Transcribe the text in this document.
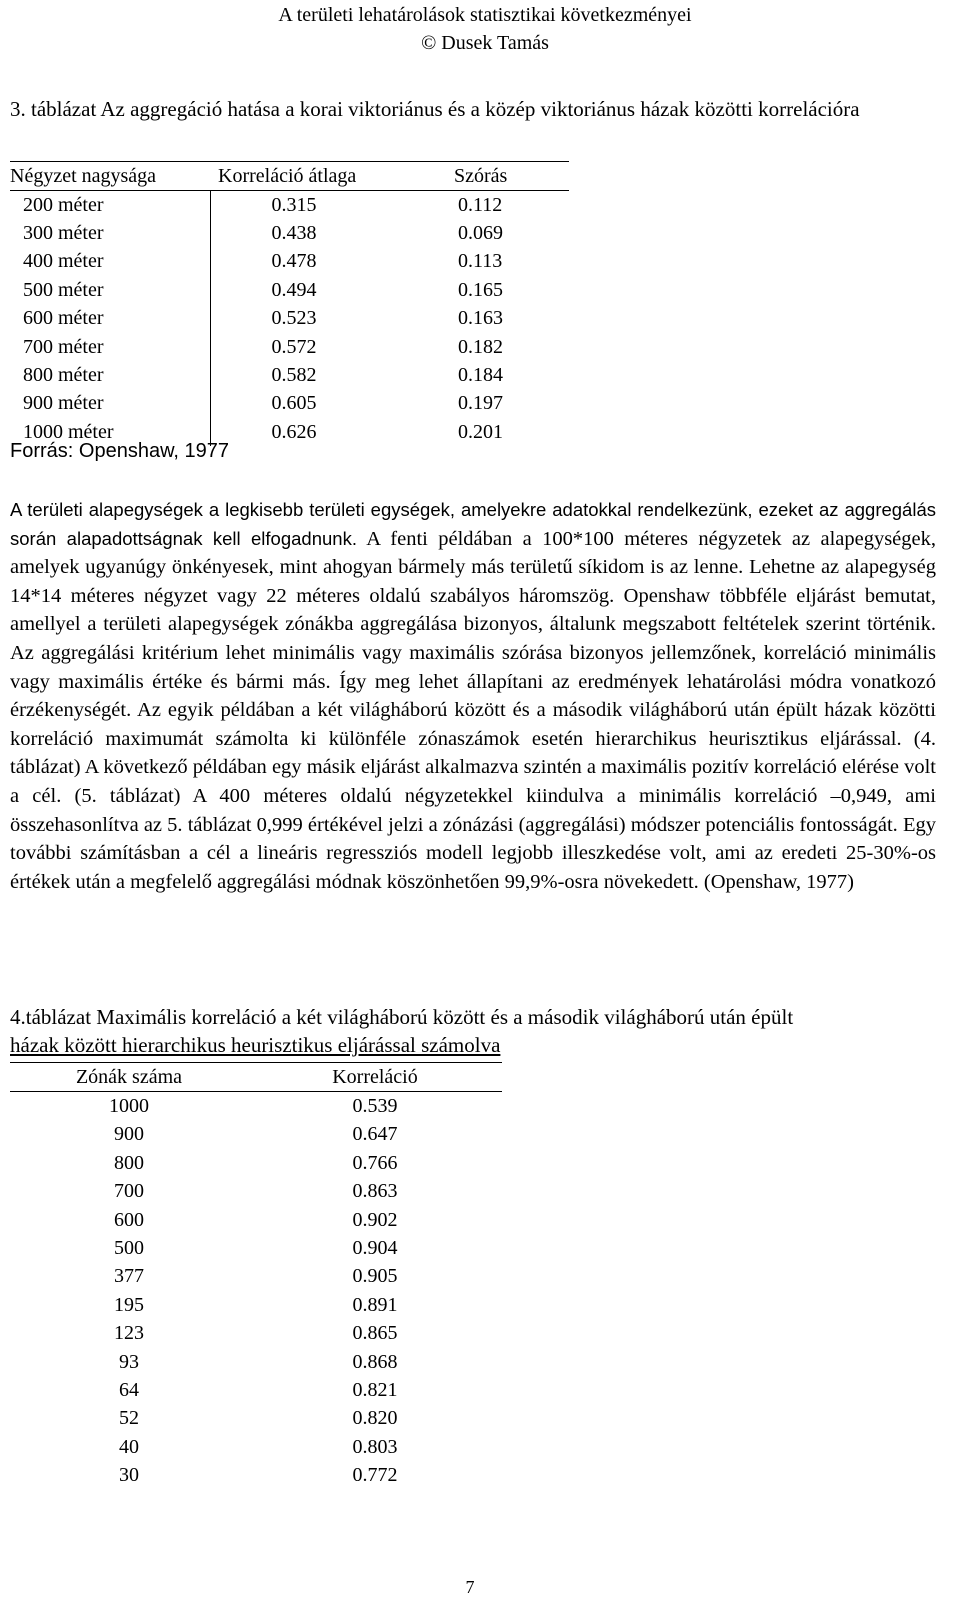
A területi lehatárolások statisztikai következményei
© Dusek Tamás
3. táblázat Az aggregáció hatása a korai viktoriánus és a közép viktoriánus házak közötti korrelációra
Négyzet nagysága	Korreláció átlaga	Szórás
200 méter	0.315	0.112
300 méter	0.438	0.069
400 méter	0.478	0.113
500 méter	0.494	0.165
600 méter	0.523	0.163
700 méter	0.572	0.182
800 méter	0.582	0.184
900 méter	0.605	0.197
1000 méter	0.626	0.201
Forrás: Openshaw, 1977
A területi alapegységek a legkisebb területi egységek, amelyekre adatokkal rendelkezünk, ezeket az aggregálás során alapadottságnak kell elfogadnunk. A fenti példában a 100*100 méteres négyzetek az alapegységek, amelyek ugyanúgy önkényesek, mint ahogyan bármely más területű síkidom is az lenne. Lehetne az alapegység 14*14 méteres négyzet vagy 22 méteres oldalú szabályos háromszög. Openshaw többféle eljárást bemutat, amellyel a területi alapegységek zónákba aggregálása bizonyos, általunk megszabott feltételek szerint történik. Az aggregálási kritérium lehet minimális vagy maximális szórása bizonyos jellemzőnek, korreláció minimális vagy maximális értéke és bármi más. Így meg lehet állapítani az eredmények lehatárolási módra vonatkozó érzékenységét. Az egyik példában a két világháború között és a második világháború után épült házak közötti korreláció maximumát számolta ki különféle zónaszámok esetén hierarchikus heurisztikus eljárással. (4. táblázat) A következő példában egy másik eljárást alkalmazva szintén a maximális pozitív korreláció elérése volt a cél. (5. táblázat) A 400 méteres oldalú négyzetekkel kiindulva a minimális korreláció –0,949, ami összehasonlítva az 5. táblázat 0,999 értékével jelzi a zónázási (aggregálási) módszer potenciális fontosságát. Egy további számításban a cél a lineáris regressziós modell legjobb illeszkedése volt, ami az eredeti 25-30%-os értékek után a megfelelő aggregálási módnak köszönhetően 99,9%-osra növekedett. (Openshaw, 1977)
4.táblázat Maximális korreláció a két világháború között és a második világháború után épült
házak között hierarchikus heurisztikus eljárással számolva
Zónák száma	Korreláció
1000	0.539
900	0.647
800	0.766
700	0.863
600	0.902
500	0.904
377	0.905
195	0.891
123	0.865
93	0.868
64	0.821
52	0.820
40	0.803
30	0.772
7
